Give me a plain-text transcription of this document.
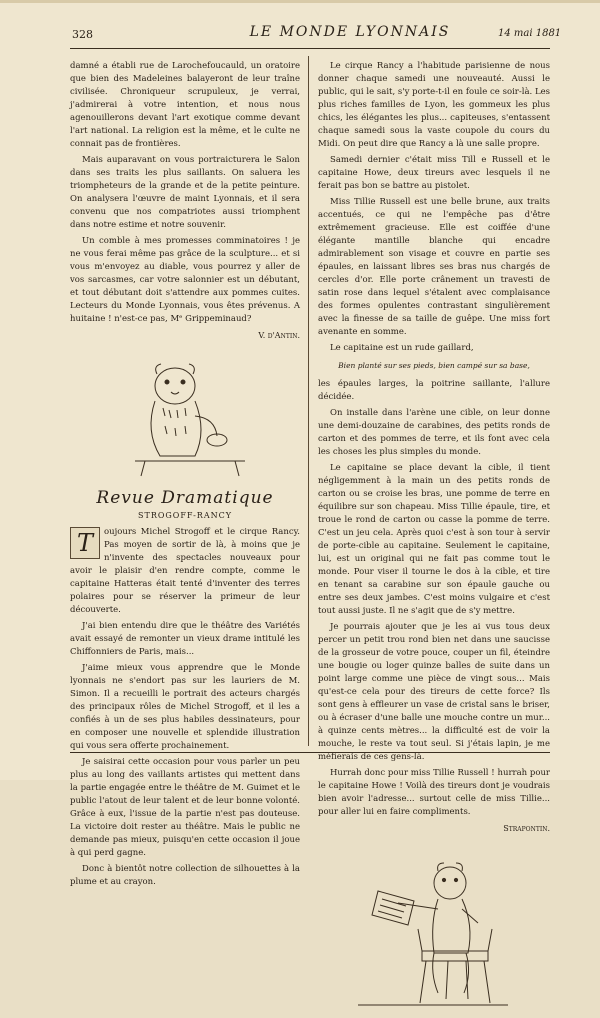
328	LE MONDE LYONNAIS	14 mai 1881

damné a établi rue de Larochefoucauld, un oratoire que bien des Madeleines balayeront de leur traîne civilisée. Chroniqueur scrupuleux, je verrai, j'admirerai à votre intention, et nous nous agenouillerons devant l'art exotique comme devant l'art national. La religion est la même, et le culte ne connait pas de frontières.

Mais auparavant on vous portraicturera le Salon dans ses traits les plus saillants. On saluera les triompheteurs de la grande et de la petite peinture. On analysera l'œuvre de maint Lyonnais, et il sera convenu que nos compatriotes aussi triomphent dans notre estime et notre souvenir.

Un comble à mes promesses comminatoires ! je ne vous ferai même pas grâce de la sculpture... et si vous m'envoyez au diable, vous pourrez y aller de vos sarcasmes, car votre salonnier est un débutant, et tout débutant doit s'attendre aux pommes cuites. Lecteurs du Monde Lyonnais, vous êtes prévenus. A huitaine ! n'est-ce pas, Mᵉ Grippeminaud?

V. d'Antin.
Revue Dramatique
STROGOFF-RANCY

T	oujours Michel Strogoff et le cirque Rancy. Pas moyen de sortir de là, à moins que je n'invente des spectacles nouveaux pour avoir le plaisir d'en rendre compte, comme le capitaine Hatteras était tenté d'inventer des terres polaires pour se réserver la primeur de leur découverte.

J'ai bien entendu dire que le théâtre des Variétés avait essayé de remonter un vieux drame intitulé les Chiffonniers de Paris, mais...

J'aime mieux vous apprendre que le Monde lyonnais ne s'endort pas sur les lauriers de M. Simon. Il a recueilli le portrait des acteurs chargés des principaux rôles de Michel Strogoff, et il les a confiés à un de ses plus habiles dessinateurs, pour en composer une nouvelle et splendide illustration qui vous sera offerte prochainement.

Je saisirai cette occasion pour vous parler un peu plus au long des vaillants artistes qui mettent dans la partie engagée entre le théâtre de M. Guimet et le public l'atout de leur talent et de leur bonne volonté. Grâce à eux, l'issue de la partie n'est pas douteuse. La victoire doit rester au théâtre. Mais le public ne demande pas mieux, puisqu'en cette occasion il joue à qui perd gagne.

Donc à bientôt notre collection de silhouettes à la plume et au crayon.

Le cirque Rancy a l'habitude parisienne de nous donner chaque samedi une nouveauté. Aussi le public, qui le sait, s'y porte-t-il en foule ce soir-là. Les plus riches familles de Lyon, les gommeux les plus chics, les élégantes les plus... capiteuses, s'entassent chaque samedi sous la vaste coupole du cours du Midi. On peut dire que Rancy a là une salle propre.

Samedi dernier c'était miss Till e Russell et le capitaine Howe, deux tireurs avec lesquels il ne ferait pas bon se battre au pistolet.

Miss Tillie Russell est une belle brune, aux traits accentués, ce qui ne l'empêche pas d'être extrêmement gracieuse. Elle est coiffée d'une élégante mantille blanche qui encadre admirablement son visage et couvre en partie ses épaules, en laissant libres ses bras nus chargés de cercles d'or. Elle porte crânement un travesti de satin rose dans lequel s'étalent avec complaisance des formes opulentes contrastant singulièrement avec la finesse de sa taille de guêpe. Une miss fort avenante en somme.

Le capitaine est un rude gaillard,

Bien planté sur ses pieds, bien campé sur sa base,

les épaules larges, la poitrine saillante, l'allure décidée.

On installe dans l'arène une cible, on leur donne une demi-douzaine de carabines, des petits ronds de carton et des pommes de terre, et ils font avec cela les choses les plus simples du monde.

Le capitaine se place devant la cible, il tient négligemment à la main un des petits ronds de carton ou se croise les bras, une pomme de terre en équilibre sur son chapeau. Miss Tillie épaule, tire, et troue le rond de carton ou casse la pomme de terre. C'est un jeu cela. Après quoi c'est à son tour à servir de porte-cible au capitaine. Seulement le capitaine, lui, est un original qui ne fait pas comme tout le monde. Pour viser il tourne le dos à la cible, et tire en tenant sa carabine sur son épaule gauche ou entre ses deux jambes. C'est moins vulgaire et c'est tout aussi juste. Il ne s'agit que de s'y mettre.

Je pourrais ajouter que je les ai vus tous deux percer un petit trou rond bien net dans une saucisse de la grosseur de votre pouce, couper un fil, éteindre une bougie ou loger quinze balles de suite dans un point large comme une pièce de vingt sous... Mais qu'est-ce cela pour des tireurs de cette force? Ils sont gens à effleurer un vase de cristal sans le briser, ou à écraser d'une balle une mouche contre un mur... à quinze cents mètres... la difficulté est de voir la mouche, le reste va tout seul. Si j'étais lapin, je me méfierais de ces gens-là.

Hurrah donc pour miss Tillie Russell ! hurrah pour le capitaine Howe ! Voilà des tireurs dont je voudrais bien avoir l'adresse... surtout celle de miss Tillie... pour aller lui en faire compliments.

Strapontin.
